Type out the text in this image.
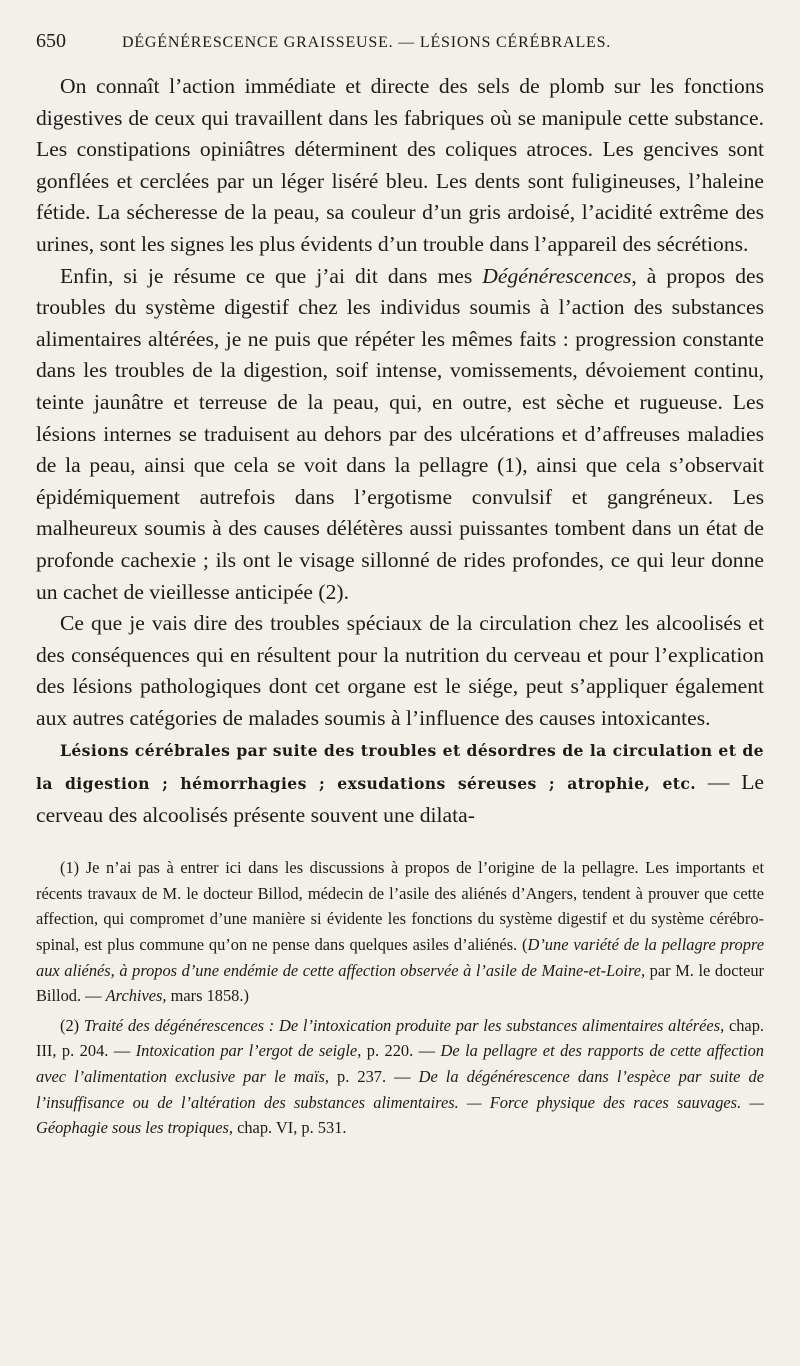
650	DÉGÉNÉRESCENCE GRAISSEUSE. — LÉSIONS CÉRÉBRALES.

On connaît l’action immédiate et directe des sels de plomb sur les fonctions digestives de ceux qui travaillent dans les fabriques où se manipule cette substance. Les constipations opiniâtres déterminent des coliques atroces. Les gencives sont gonflées et cerclées par un léger liséré bleu. Les dents sont fuligineuses, l’haleine fétide. La sécheresse de la peau, sa couleur d’un gris ardoisé, l’acidité extrême des urines, sont les signes les plus évidents d’un trouble dans l’appareil des sécrétions.

Enfin, si je résume ce que j’ai dit dans mes Dégénérescences, à propos des troubles du système digestif chez les individus soumis à l’action des substances alimentaires altérées, je ne puis que répéter les mêmes faits : progression constante dans les troubles de la digestion, soif intense, vomissements, dévoiement continu, teinte jaunâtre et terreuse de la peau, qui, en outre, est sèche et rugueuse. Les lésions internes se traduisent au dehors par des ulcérations et d’affreuses maladies de la peau, ainsi que cela se voit dans la pellagre (1), ainsi que cela s’observait épidémiquement autrefois dans l’ergotisme convulsif et gangréneux. Les malheureux soumis à des causes délétères aussi puissantes tombent dans un état de profonde cachexie ; ils ont le visage sillonné de rides profondes, ce qui leur donne un cachet de vieillesse anticipée (2).

Ce que je vais dire des troubles spéciaux de la circulation chez les alcoolisés et des conséquences qui en résultent pour la nutrition du cerveau et pour l’explication des lésions pathologiques dont cet organe est le siége, peut s’appliquer également aux autres catégories de malades soumis à l’influence des causes intoxicantes.

Lésions cérébrales par suite des troubles et désordres de la circulation et de la digestion ; hémorrhagies ; exsudations séreuses ; atrophie, etc. — Le cerveau des alcoolisés présente souvent une dilata-

(1) Je n’ai pas à entrer ici dans les discussions à propos de l’origine de la pellagre. Les importants et récents travaux de M. le docteur Billod, médecin de l’asile des aliénés d’Angers, tendent à prouver que cette affection, qui compromet d’une manière si évidente les fonctions du système digestif et du système cérébro-spinal, est plus commune qu’on ne pense dans quelques asiles d’aliénés. (D’une variété de la pellagre propre aux aliénés, à propos d’une endémie de cette affection observée à l’asile de Maine-et-Loire, par M. le docteur Billod. — Archives, mars 1858.)

(2) Traité des dégénérescences : De l’intoxication produite par les substances alimentaires altérées, chap. III, p. 204. — Intoxication par l’ergot de seigle, p. 220. — De la pellagre et des rapports de cette affection avec l’alimentation exclusive par le maïs, p. 237. — De la dégénérescence dans l’espèce par suite de l’insuffisance ou de l’altération des substances alimentaires. — Force physique des races sauvages. — Géophagie sous les tropiques, chap. VI, p. 531.
